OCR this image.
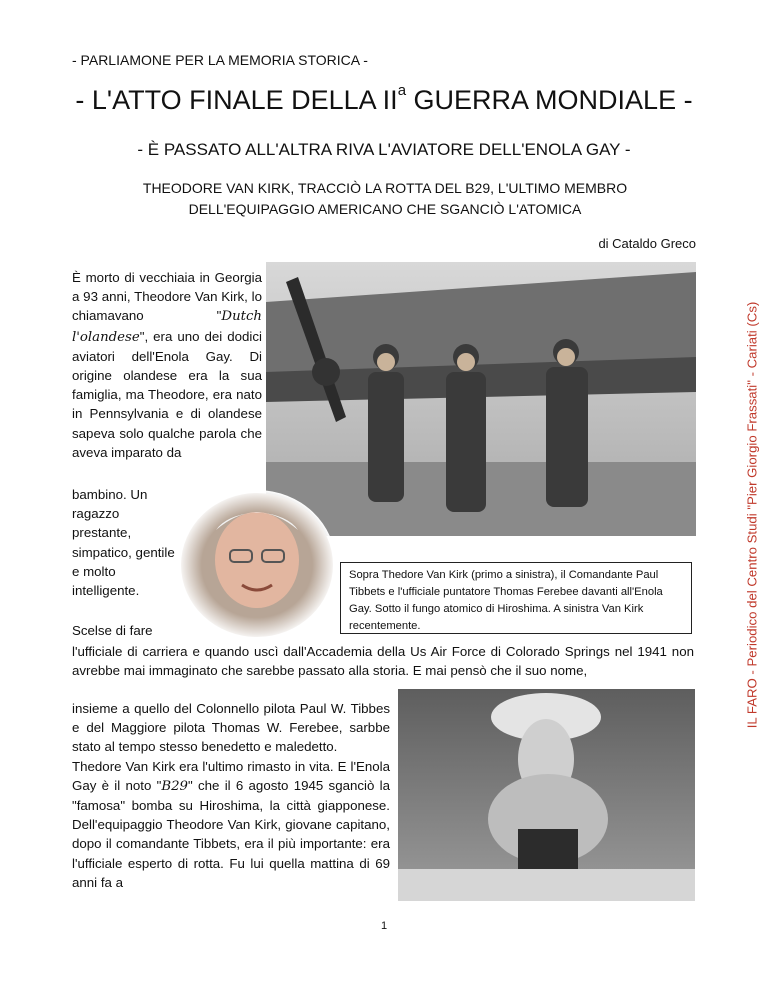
- PARLIAMONE PER LA MEMORIA STORICA -
- L'ATTO FINALE DELLA $II^a$ GUERRA MONDIALE -
- È PASSATO ALL'ALTRA RIVA L'AVIATORE DELL'ENOLA GAY -
THEODORE VAN KIRK, TRACCIÒ LA ROTTA DEL B29, L'ULTIMO MEMBRO
DELL'EQUIPAGGIO AMERICANO CHE SGANCIÒ L'ATOMICA
di Cataldo Greco
IL FARO - Periodico del Centro Studi "Pier Giorgio Frassati" - Cariati (Cs)
Sopra Thedore Van Kirk (primo a sinistra), il Comandante Paul Tibbets e l'ufficiale puntatore Thomas Ferebee davanti all'Enola Gay. Sotto il fungo atomico di Hiroshima. A sinistra Van Kirk recentemente.
È morto di vecchiaia in Georgia a 93 anni, Theodore Van Kirk, lo chiamavano "Dutch l'olandese", era uno dei dodici aviatori dell'Enola Gay. Di origine olandese era la sua famiglia, ma Theodore, era nato in Pennsylvania e di olandese sapeva solo qualche parola che aveva imparato da
bambino. Un ragazzo prestante, simpatico, gentile e molto intelligente.
Scelse di fare
l'ufficiale di carriera e quando uscì dall'Accademia della Us Air Force di Colorado Springs nel 1941 non avrebbe mai immaginato che sarebbe passato alla storia. E mai pensò che il suo nome,
insieme a quello del Colonnello pilota Paul W. Tibbes e del Maggiore pilota Thomas W. Ferebee, sarbbe stato al tempo stesso benedetto e maledetto.
Thedore Van Kirk era l'ultimo rimasto in vita. E l'Enola Gay è il noto "B29" che il 6 agosto 1945 sganciò la "famosa" bomba su Hiroshima, la città giapponese. Dell'equipaggio Theodore Van Kirk, giovane capitano, dopo il comandante Tibbets, era il più importante: era l'ufficiale esperto di rotta. Fu lui quella mattina di 69 anni fa a
1
